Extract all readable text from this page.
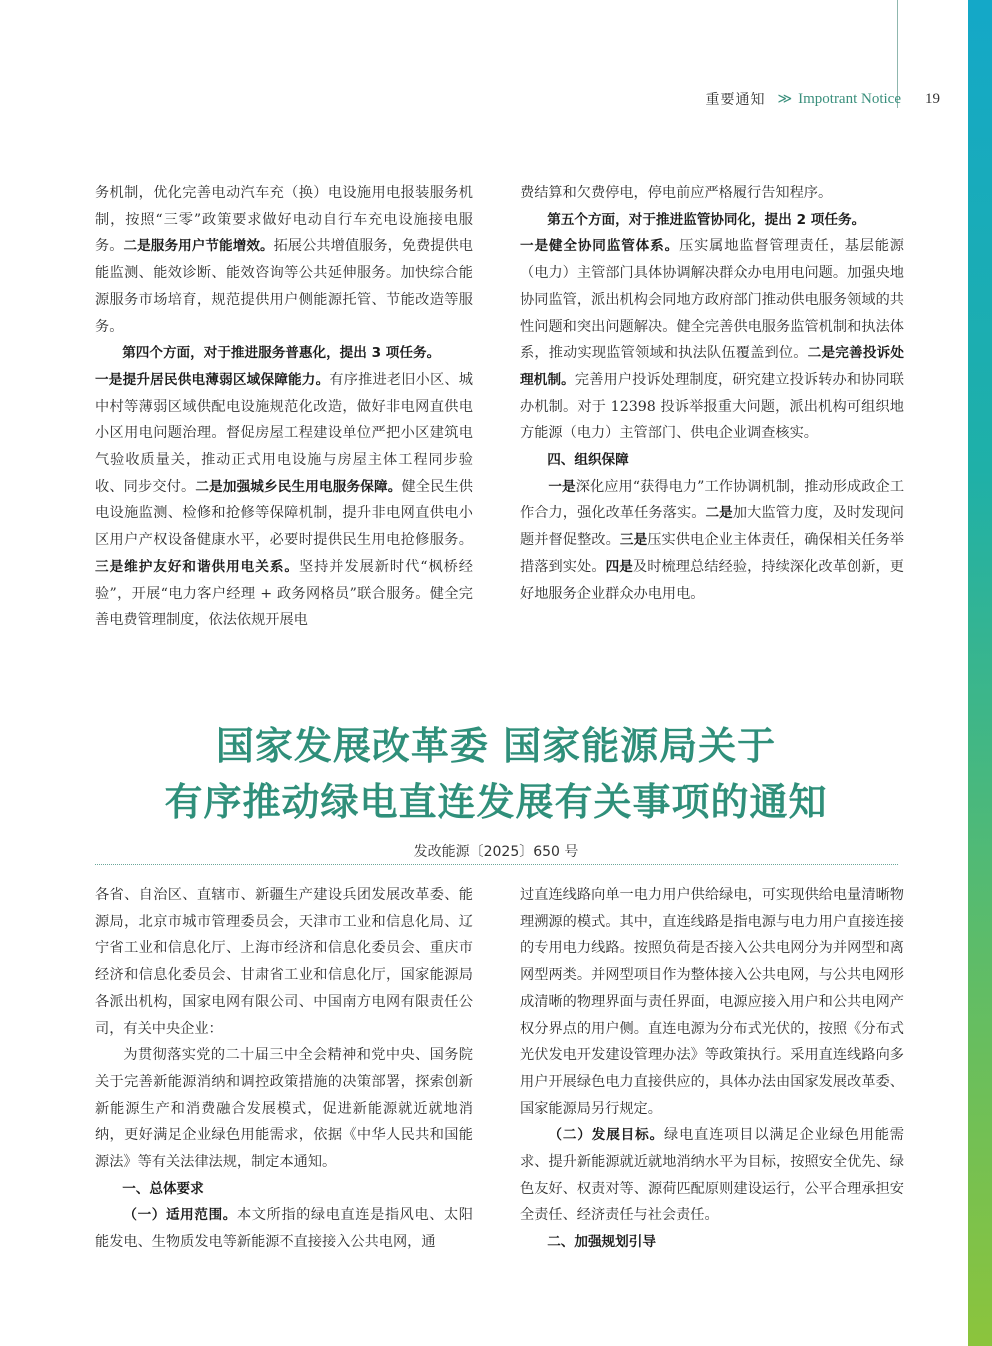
重要通知 ≫ Impotrant Notice 19

务机制，优化完善电动汽车充（换）电设施用电报装服务机制，按照“三零”政策要求做好电动自行车充电设施接电服务。二是服务用户节能增效。拓展公共增值服务，免费提供电能监测、能效诊断、能效咨询等公共延伸服务。加快综合能源服务市场培育，规范提供用户侧能源托管、节能改造等服务。

第四个方面，对于推进服务普惠化，提出 3 项任务。

一是提升居民供电薄弱区域保障能力。有序推进老旧小区、城中村等薄弱区域供配电设施规范化改造，做好非电网直供电小区用电问题治理。督促房屋工程建设单位严把小区建筑电气验收质量关，推动正式用电设施与房屋主体工程同步验收、同步交付。二是加强城乡民生用电服务保障。健全民生供电设施监测、检修和抢修等保障机制，提升非电网直供电小区用户产权设备健康水平，必要时提供民生用电抢修服务。三是维护友好和谐供用电关系。坚持并发展新时代“枫桥经验”，开展“电力客户经理 + 政务网格员”联合服务。健全完善电费管理制度，依法依规开展电

费结算和欠费停电，停电前应严格履行告知程序。

第五个方面，对于推进监管协同化，提出 2 项任务。

一是健全协同监管体系。压实属地监督管理责任，基层能源（电力）主管部门具体协调解决群众办电用电问题。加强央地协同监管，派出机构会同地方政府部门推动供电服务领域的共性问题和突出问题解决。健全完善供电服务监管机制和执法体系，推动实现监管领域和执法队伍覆盖到位。二是完善投诉处理机制。完善用户投诉处理制度，研究建立投诉转办和协同联办机制。对于 12398 投诉举报重大问题，派出机构可组织地方能源（电力）主管部门、供电企业调查核实。

四、组织保障

一是深化应用“获得电力”工作协调机制，推动形成政企工作合力，强化改革任务落实。二是加大监管力度，及时发现问题并督促整改。三是压实供电企业主体责任，确保相关任务举措落到实处。四是及时梳理总结经验，持续深化改革创新，更好地服务企业群众办电用电。

国家发展改革委 国家能源局关于
有序推动绿电直连发展有关事项的通知
发改能源〔2025〕650 号

各省、自治区、直辖市、新疆生产建设兵团发展改革委、能源局，北京市城市管理委员会，天津市工业和信息化局、辽宁省工业和信息化厅、上海市经济和信息化委员会、重庆市经济和信息化委员会、甘肃省工业和信息化厅，国家能源局各派出机构，国家电网有限公司、中国南方电网有限责任公司，有关中央企业：

为贯彻落实党的二十届三中全会精神和党中央、国务院关于完善新能源消纳和调控政策措施的决策部署，探索创新新能源生产和消费融合发展模式，促进新能源就近就地消纳，更好满足企业绿色用能需求，依据《中华人民共和国能源法》等有关法律法规，制定本通知。

一、总体要求

（一）适用范围。本文所指的绿电直连是指风电、太阳能发电、生物质发电等新能源不直接接入公共电网，通

过直连线路向单一电力用户供给绿电，可实现供给电量清晰物理溯源的模式。其中，直连线路是指电源与电力用户直接连接的专用电力线路。按照负荷是否接入公共电网分为并网型和离网型两类。并网型项目作为整体接入公共电网，与公共电网形成清晰的物理界面与责任界面，电源应接入用户和公共电网产权分界点的用户侧。直连电源为分布式光伏的，按照《分布式光伏发电开发建设管理办法》等政策执行。采用直连线路向多用户开展绿色电力直接供应的，具体办法由国家发展改革委、国家能源局另行规定。

（二）发展目标。绿电直连项目以满足企业绿色用能需求、提升新能源就近就地消纳水平为目标，按照安全优先、绿色友好、权责对等、源荷匹配原则建设运行，公平合理承担安全责任、经济责任与社会责任。

二、加强规划引导
